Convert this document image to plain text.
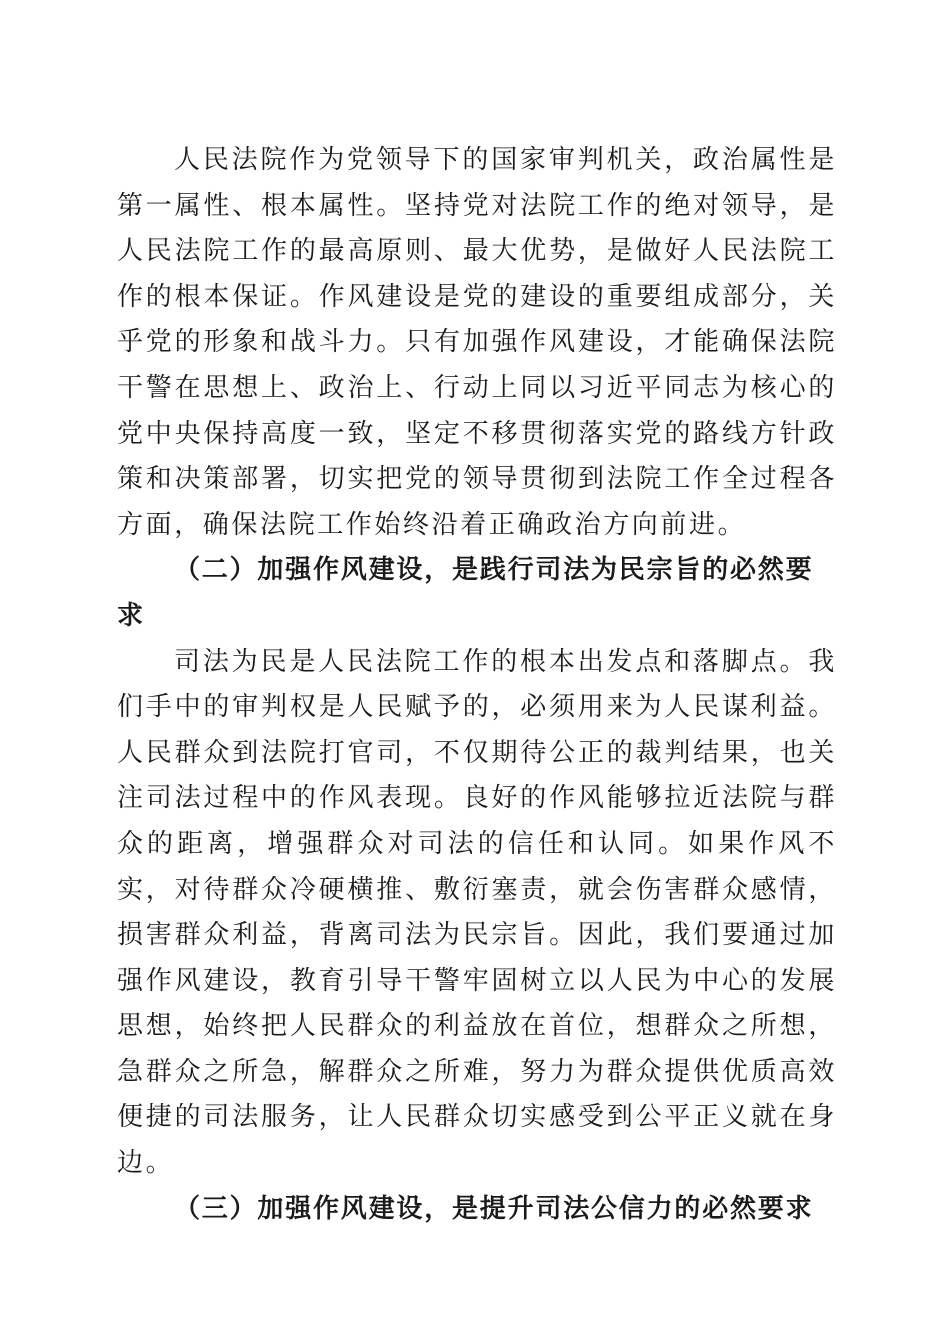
人民法院作为党领导下的国家审判机关，政治属性是第一属性、根本属性。坚持党对法院工作的绝对领导，是人民法院工作的最高原则、最大优势，是做好人民法院工作的根本保证。作风建设是党的建设的重要组成部分，关乎党的形象和战斗力。只有加强作风建设，才能确保法院干警在思想上、政治上、行动上同以习近平同志为核心的党中央保持高度一致，坚定不移贯彻落实党的路线方针政策和决策部署，切实把党的领导贯彻到法院工作全过程各方面，确保法院工作始终沿着正确政治方向前进。

（二）加强作风建设，是践行司法为民宗旨的必然要求

司法为民是人民法院工作的根本出发点和落脚点。我们手中的审判权是人民赋予的，必须用来为人民谋利益。人民群众到法院打官司，不仅期待公正的裁判结果，也关注司法过程中的作风表现。良好的作风能够拉近法院与群众的距离，增强群众对司法的信任和认同。如果作风不实，对待群众冷硬横推、敷衍塞责，就会伤害群众感情，损害群众利益，背离司法为民宗旨。因此，我们要通过加强作风建设，教育引导干警牢固树立以人民为中心的发展思想，始终把人民群众的利益放在首位，想群众之所想，急群众之所急，解群众之所难，努力为群众提供优质高效便捷的司法服务，让人民群众切实感受到公平正义就在身边。

（三）加强作风建设，是提升司法公信力的必然要求
